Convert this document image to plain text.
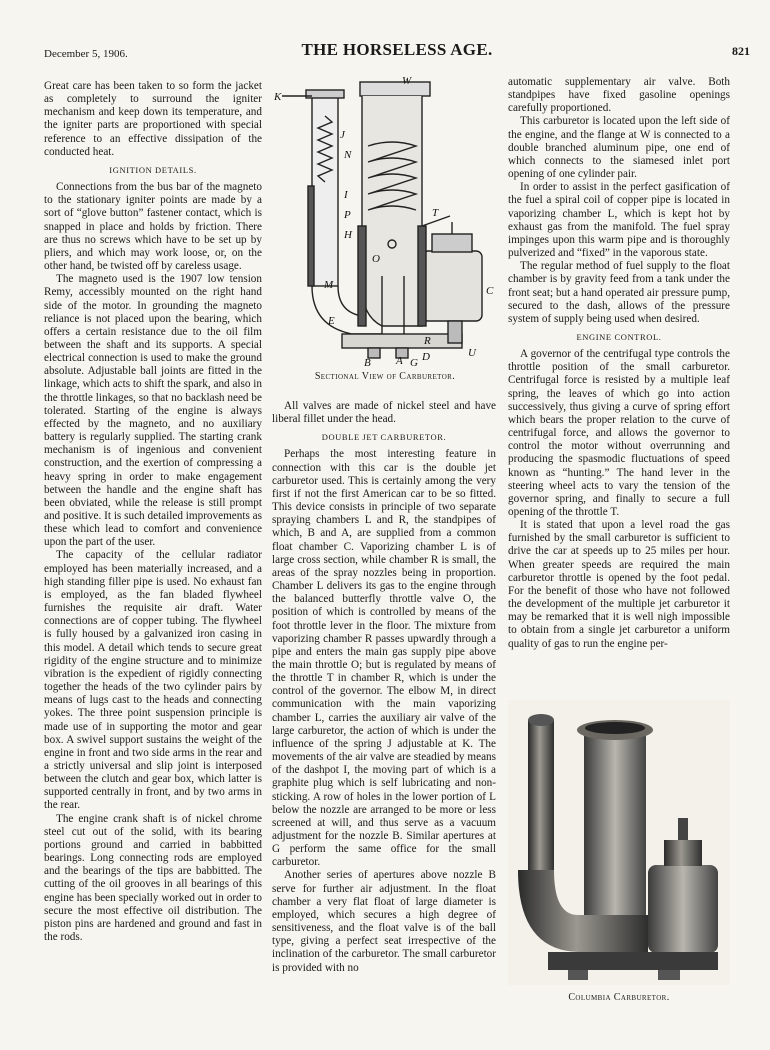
December 5, 1906.	THE HORSELESS AGE.	821

Great care has been taken to so form the jacket as completely to surround the igniter mechanism and keep down its temperature, and the igniter parts are proportioned with special reference to an effective dissipation of the conducted heat.

IGNITION DETAILS.

Connections from the bus bar of the magneto to the stationary igniter points are made by a sort of “glove button” fastener contact, which is snapped in place and holds by friction. There are thus no screws which have to be set up by pliers, and which may work loose, or, on the other hand, be twisted off by careless usage.

The magneto used is the 1907 low tension Remy, accessibly mounted on the right hand side of the motor. In grounding the magneto reliance is not placed upon the bearing, which offers a certain resistance due to the oil film between the shaft and its supports. A special electrical connection is used to make the ground absolute. Adjustable ball joints are fitted in the linkage, which acts to shift the spark, and also in the throttle linkages, so that no backlash need be tolerated. Starting of the engine is always effected by the magneto, and no auxiliary battery is regularly supplied. The starting crank mechanism is of ingenious and convenient construction, and the exertion of compressing a heavy spring in order to make engagement between the handle and the engine shaft has been obviated, while the release is still prompt and positive. It is such detailed improvements as these which lead to comfort and convenience upon the part of the user.

The capacity of the cellular radiator employed has been materially increased, and a high standing filler pipe is used. No exhaust fan is employed, as the fan bladed flywheel furnishes the requisite air draft. Water connections are of copper tubing. The flywheel is fully housed by a galvanized iron casing in this model. A detail which tends to secure great rigidity of the engine structure and to minimize vibration is the expedient of rigidly connecting together the heads of the two cylinder pairs by means of lugs cast to the heads and connecting yokes. The three point suspension principle is made use of in supporting the motor and gear box. A swivel support sustains the weight of the engine in front and two side arms in the rear and a strictly universal and slip joint is interposed between the clutch and gear box, which latter is supported centrally in front, and by two arms in the rear.

The engine crank shaft is of nickel chrome steel cut out of the solid, with its bearing portions ground and carried in babbitted bearings. Long connecting rods are employed and the bearings of the tips are babbitted. The cutting of the oil grooves in all bearings of this engine has been specially worked out in order to secure the most effective oil distribution. The piston pins are hardened and ground and fast in the rods.

W
K
J
N
I
P
H
T
O
M	C
E
R
B A G D	U
Sectional View of Carburetor.

All valves are made of nickel steel and have liberal fillet under the head.

DOUBLE JET CARBURETOR.

Perhaps the most interesting feature in connection with this car is the double jet carburetor used. This is certainly among the very first if not the first American car to be so fitted. This device consists in principle of two separate spraying chambers L and R, the standpipes of which, B and A, are supplied from a common float chamber C. Vaporizing chamber L is of large cross section, while chamber R is small, the areas of the spray nozzles being in proportion. Chamber L delivers its gas to the engine through the balanced butterfly throttle valve O, the position of which is controlled by means of the foot throttle lever in the floor. The mixture from vaporizing chamber R passes upwardly through a pipe and enters the main gas supply pipe above the main throttle O; but is regulated by means of the throttle T in chamber R, which is under the control of the governor. The elbow M, in direct communication with the main vaporizing chamber L, carries the auxiliary air valve of the large carburetor, the action of which is under the influence of the spring J adjustable at K. The movements of the air valve are steadied by means of the dashpot I, the moving part of which is a graphite plug which is self lubricating and non-sticking. A row of holes in the lower portion of L below the nozzle are arranged to be more or less screened at will, and thus serve as a vacuum adjustment for the nozzle B. Similar apertures at G perform the same office for the small carburetor.

Another series of apertures above nozzle B serve for further air adjustment. In the float chamber a very flat float of large diameter is employed, which secures a high degree of sensitiveness, and the float valve is of the ball type, giving a perfect seat irrespective of the inclination of the carburetor. The small carburetor is provided with no

automatic supplementary air valve. Both standpipes have fixed gasoline openings carefully proportioned.

This carburetor is located upon the left side of the engine, and the flange at W is connected to a double branched aluminum pipe, one end of which connects to the siamesed inlet port opening of one cylinder pair.

In order to assist in the perfect gasification of the fuel a spiral coil of copper pipe is located in vaporizing chamber L, which is kept hot by exhaust gas from the manifold. The fuel spray impinges upon this warm pipe and is thoroughly pulverized and “fixed” in the vaporous state.

The regular method of fuel supply to the float chamber is by gravity feed from a tank under the front seat; but a hand operated air pressure pump, secured to the dash, allows of the pressure system of supply being used when desired.

ENGINE CONTROL.

A governor of the centrifugal type controls the throttle position of the small carburetor. Centrifugal force is resisted by a multiple leaf spring, the leaves of which go into action successively, thus giving a curve of spring effort which bears the proper relation to the curve of centrifugal force, and allows the governor to control the motor without overrunning and producing the spasmodic fluctuations of speed known as “hunting.” The hand lever in the steering wheel acts to vary the tension of the governor spring, and finally to secure a full opening of the throttle T.

It is stated that upon a level road the gas furnished by the small carburetor is sufficient to drive the car at speeds up to 25 miles per hour. When greater speeds are required the main carburetor throttle is opened by the foot pedal. For the benefit of those who have not followed the development of the multiple jet carburetor it may be remarked that it is well nigh impossible to obtain from a single jet carburetor a uniform quality of gas to run the engine per-

Columbia Carburetor.
